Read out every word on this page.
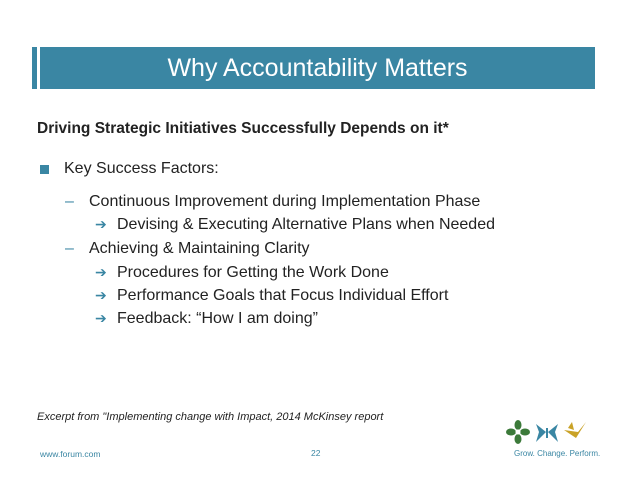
Why Accountability Matters
Driving Strategic Initiatives Successfully Depends on it*
Key Success Factors:
– Continuous Improvement during Implementation Phase
➔ Devising & Executing Alternative Plans when Needed
– Achieving & Maintaining Clarity
➔ Procedures for Getting the Work Done
➔ Performance Goals that Focus Individual Effort
➔ Feedback: “How I am doing”
Excerpt from "Implementing change with Impact, 2014 McKinsey report
www.forum.com	22	Grow. Change. Perform.
